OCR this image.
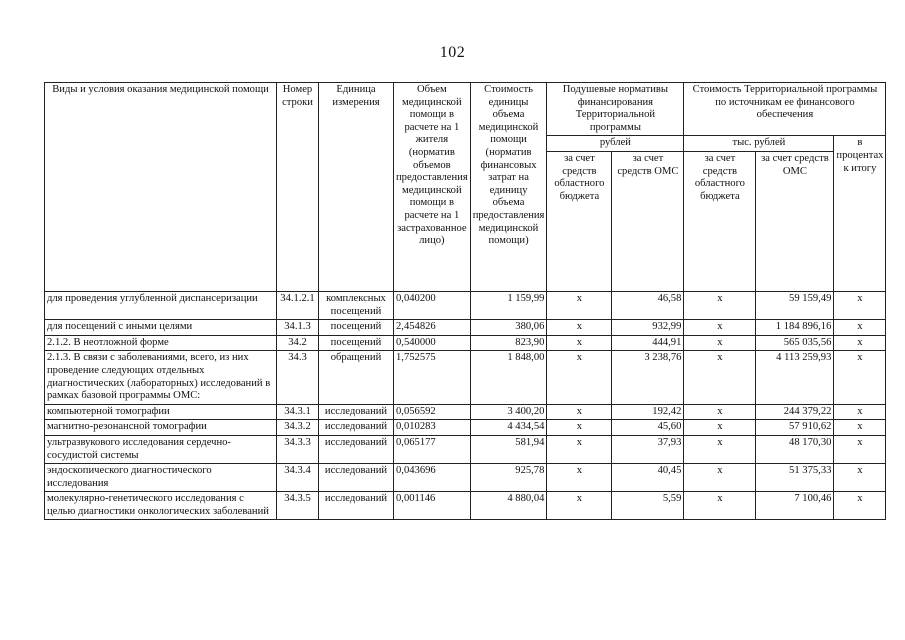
102
Виды и условия оказания медицинской помощи	Номер строки	Единица измерения	Объем медицинской помощи в расчете на 1 жителя (норматив объемов предоставления медицинской помощи в расчете на 1 застрахованное лицо)	Стоимость единицы объема медицинской помощи (норматив финансовых затрат на единицу объема предоставления медицинской помощи)	Подушевые нормативы финансирования Территориальной программы		Стоимость Территориальной программы по источникам ее финансового обеспечения		
					рублей		тыс. рублей		в процентах к итогу
					за счет средств областного бюджета	за счет средств ОМС	за счет средств областного бюджета	за счет средств ОМС	
для проведения углубленной диспансеризации	34.1.2.1	комплексных посещений	0,040200	1 159,99	x	46,58	x	59 159,49	x
для посещений с иными целями	34.1.3	посещений	2,454826	380,06	x	932,99	x	1 184 896,16	x
2.1.2. В неотложной форме	34.2	посещений	0,540000	823,90	x	444,91	x	565 035,56	x
2.1.3. В связи с заболеваниями, всего, из них проведение следующих отдельных диагностических (лабораторных) исследований в рамках базовой программы ОМС:	34.3	обращений	1,752575	1 848,00	x	3 238,76	x	4 113 259,93	x
компьютерной томографии	34.3.1	исследований	0,056592	3 400,20	x	192,42	x	244 379,22	x
магнитно-резонансной томографии	34.3.2	исследований	0,010283	4 434,54	x	45,60	x	57 910,62	x
ультразвукового исследования сердечно-сосудистой системы	34.3.3	исследований	0,065177	581,94	x	37,93	x	48 170,30	x
эндоскопического диагностического исследования	34.3.4	исследований	0,043696	925,78	x	40,45	x	51 375,33	x
молекулярно-генетического исследования с целью диагностики онкологических заболеваний	34.3.5	исследований	0,001146	4 880,04	x	5,59	x	7 100,46	x
